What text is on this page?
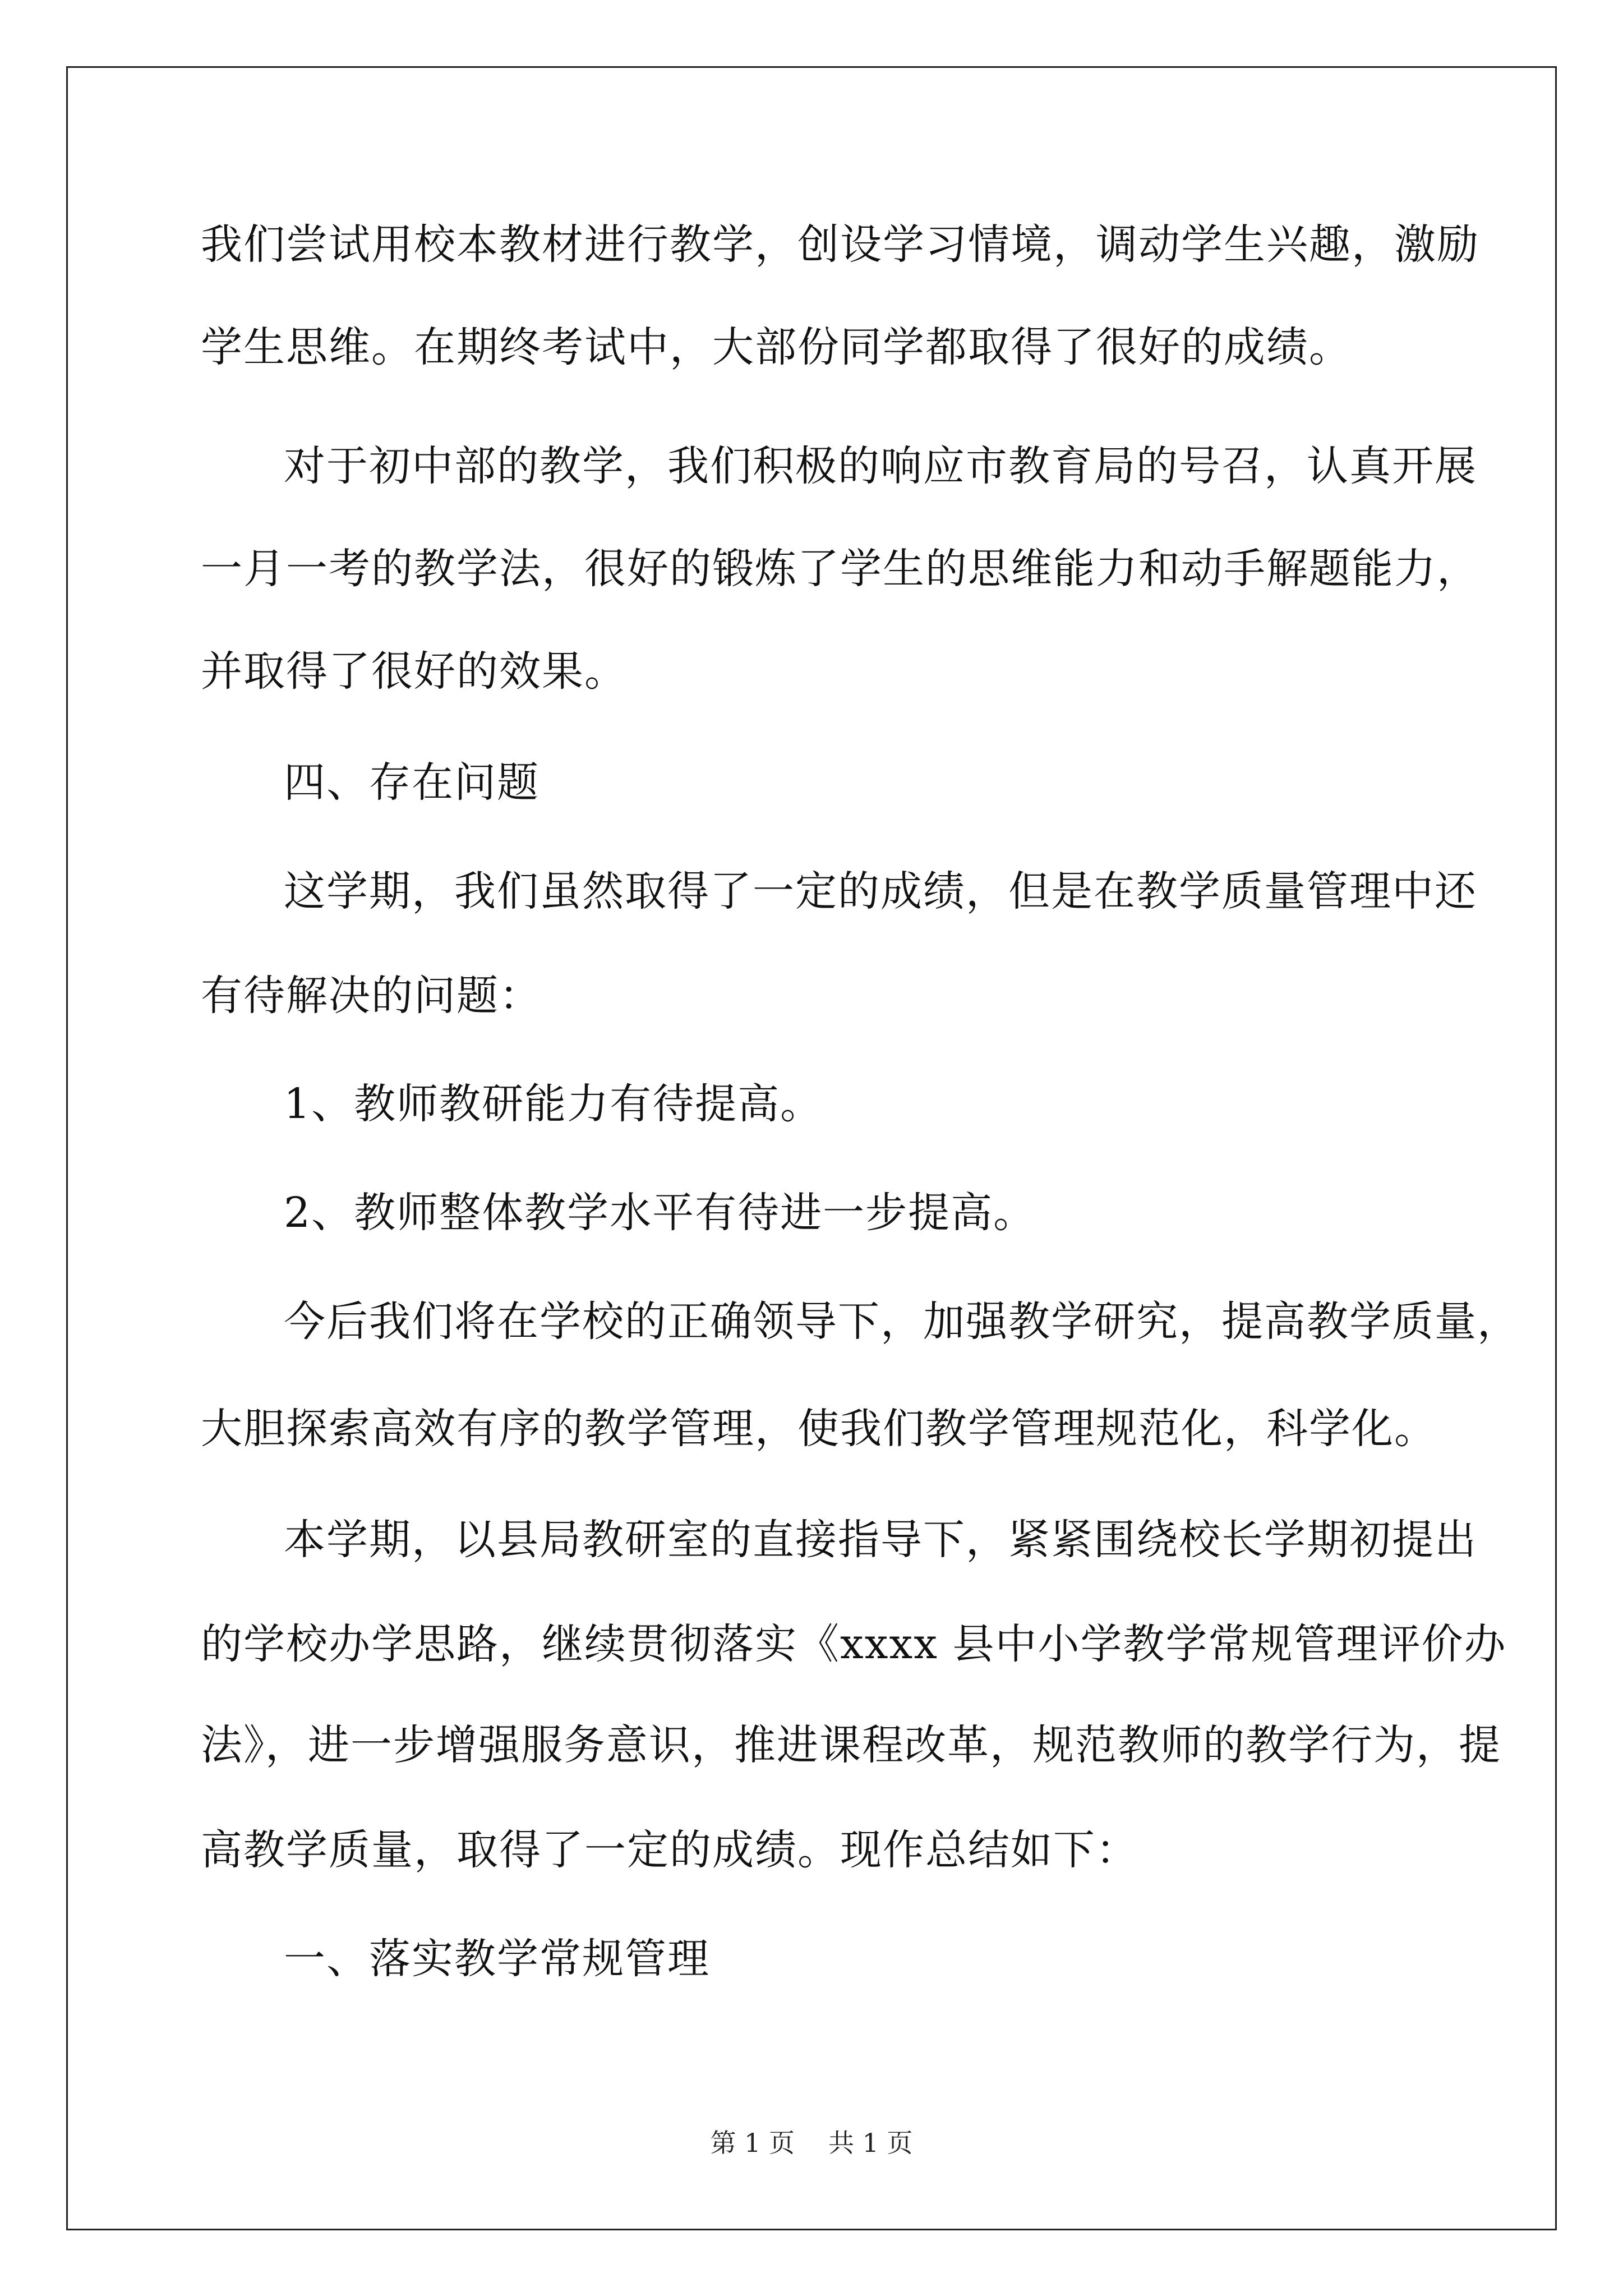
我们尝试用校本教材进行教学，创设学习情境，调动学生兴趣，激励
学生思维。在期终考试中，大部份同学都取得了很好的成绩。
对于初中部的教学，我们积极的响应市教育局的号召，认真开展
一月一考的教学法，很好的锻炼了学生的思维能力和动手解题能力，
并取得了很好的效果。
四、存在问题
这学期，我们虽然取得了一定的成绩，但是在教学质量管理中还
有待解决的问题：
1、教师教研能力有待提高。
2、教师整体教学水平有待进一步提高。
今后我们将在学校的正确领导下，加强教学研究，提高教学质量，
大胆探索高效有序的教学管理，使我们教学管理规范化，科学化。
本学期，以县局教研室的直接指导下，紧紧围绕校长学期初提出
的学校办学思路，继续贯彻落实《xxxx 县中小学教学常规管理评价办
法》，进一步增强服务意识，推进课程改革，规范教师的教学行为，提
高教学质量，取得了一定的成绩。现作总结如下：
一、落实教学常规管理
第 1 页 共 1 页
